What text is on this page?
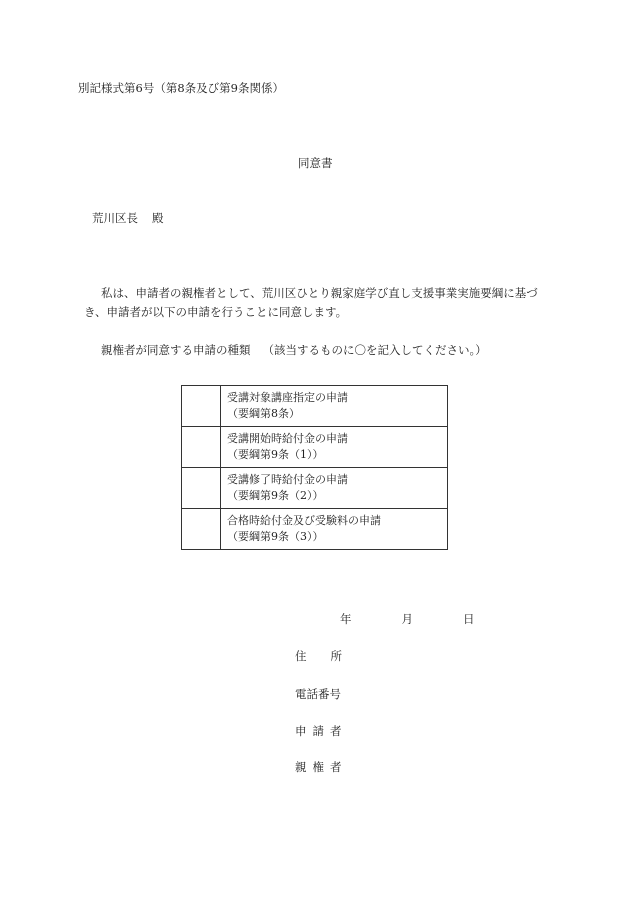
別記様式第6号（第8条及び第9条関係）
同意書
荒川区長 殿
私は、申請者の親権者として、荒川区ひとり親家庭学び直し支援事業実施要綱に基づき、申請者が以下の申請を行うことに同意します。
親権者が同意する申請の種類 （該当するものに〇を記入してください。）

	受講対象講座指定の申請
（要綱第8条）

	受講開始時給付金の申請
（要綱第9条（1））

	受講修了時給付金の申請
（要綱第9条（2））

	合格時給付金及び受験料の申請
（要綱第9条（3））
年	月	日
住 所
電話番号
申請者
親権者
